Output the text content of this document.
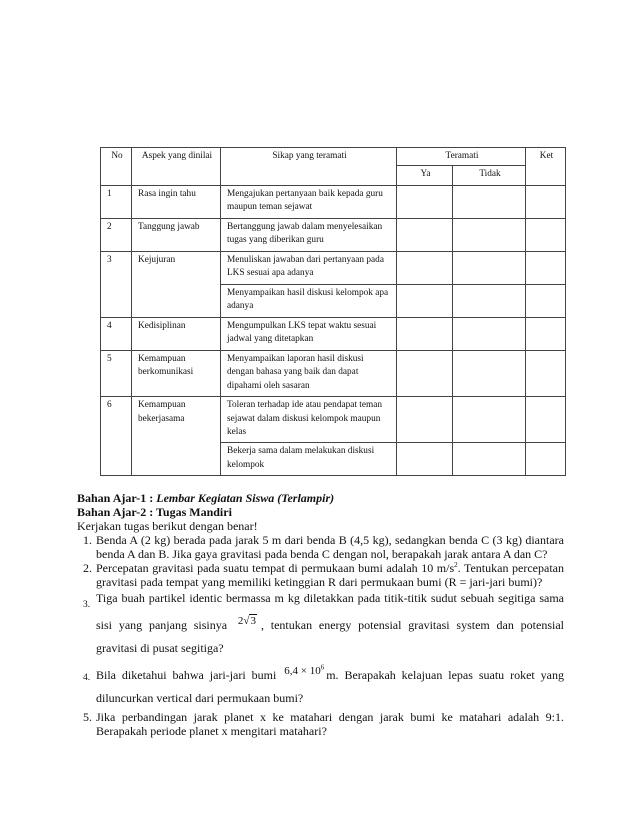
No	Aspek yang dinilai	Sikap yang teramati	Teramati		Ket
			Ya	Tidak	
1	Rasa ingin tahu	Mengajukan pertanyaan baik kepada guru maupun teman sejawat			
2	Tanggung jawab	Bertanggung jawab dalam menyelesaikan tugas yang diberikan guru			
3	Kejujuran	Menuliskan jawaban dari pertanyaan pada LKS sesuai apa adanya			
		Menyampaikan hasil diskusi kelompok apa adanya			
4	Kedisiplinan	Mengumpulkan LKS tepat waktu sesuai jadwal yang ditetapkan			
5	Kemampuan berkomunikasi	Menyampaikan laporan hasil diskusi dengan bahasa yang baik dan dapat dipahami oleh sasaran			
6	Kemampuan bekerjasama	Toleran terhadap ide atau pendapat teman sejawat dalam diskusi kelompok maupun kelas			
		Bekerja sama dalam melakukan diskusi kelompok			

Bahan Ajar-1 : Lembar Kegiatan Siswa (Terlampir)

Bahan Ajar-2 : Tugas Mandiri

Kerjakan tugas berikut dengan benar!

1. Benda A (2 kg) berada pada jarak 5 m dari benda B (4,5 kg), sedangkan benda C (3 kg) diantara benda A dan B. Jika gaya gravitasi pada benda C dengan nol, berapakah jarak antara A dan C?
2. Percepatan gravitasi pada suatu tempat di permukaan bumi adalah 10 $m/s^2$. Tentukan percepatan gravitasi pada tempat yang memiliki ketinggian R dari permukaan bumi (R = jari-jari bumi)?
3. Tiga buah partikel identic bermassa m kg diletakkan pada titik-titik sudut sebuah segitiga sama sisi yang panjang sisinya 2√3 , tentukan energy potensial gravitasi system dan potensial gravitasi di pusat segitiga?
4. Bila diketahui bahwa jari-jari bumi $6,4 \times 10^6m$. Berapakah kelajuan lepas suatu roket yang diluncurkan vertical dari permukaan bumi?
5. Jika perbandingan jarak planet x ke matahari dengan jarak bumi ke matahari adalah 9:1. Berapakah periode planet x mengitari matahari?
